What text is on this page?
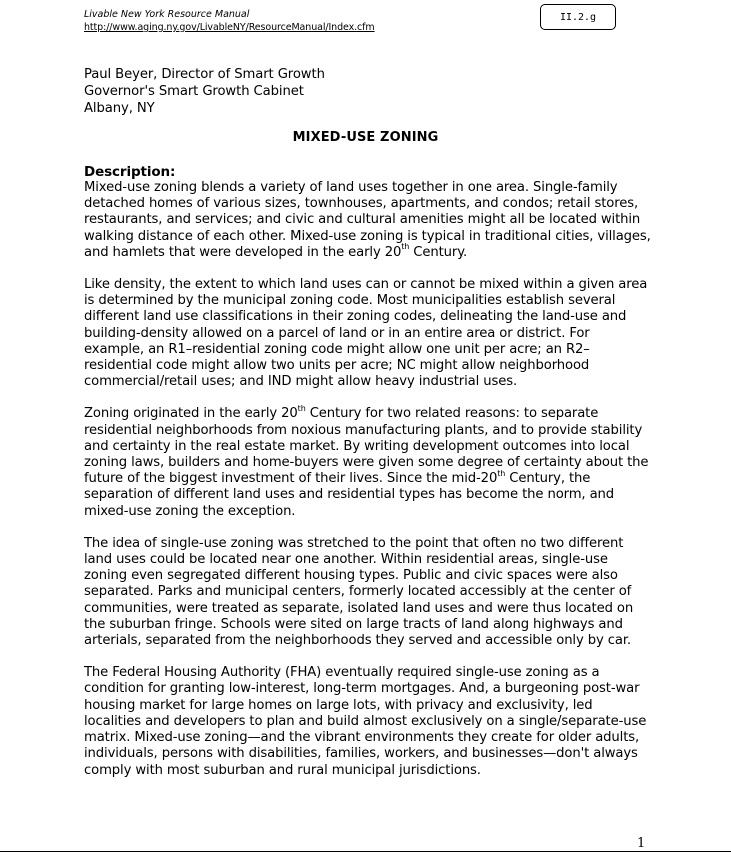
Livable New York Resource Manual
http://www.aging.ny.gov/LivableNY/ResourceManual/Index.cfm
II.2.g
Paul Beyer, Director of Smart Growth
Governor's Smart Growth Cabinet
Albany, NY
MIXED-USE ZONING
Description:

Mixed-use zoning blends a variety of land uses together in one area. Single-family detached homes of various sizes, townhouses, apartments, and condos; retail stores, restaurants, and services; and civic and cultural amenities might all be located within walking distance of each other. Mixed-use zoning is typical in traditional cities, villages, and hamlets that were developed in the early 20th Century.

Like density, the extent to which land uses can or cannot be mixed within a given area is determined by the municipal zoning code. Most municipalities establish several different land use classifications in their zoning codes, delineating the land-use and building-density allowed on a parcel of land or in an entire area or district. For example, an R1–residential zoning code might allow one unit per acre; an R2–residential code might allow two units per acre; NC might allow neighborhood commercial/retail uses; and IND might allow heavy industrial uses.

Zoning originated in the early 20th Century for two related reasons: to separate residential neighborhoods from noxious manufacturing plants, and to provide stability and certainty in the real estate market. By writing development outcomes into local zoning laws, builders and home-buyers were given some degree of certainty about the future of the biggest investment of their lives. Since the mid-20th Century, the separation of different land uses and residential types has become the norm, and mixed-use zoning the exception.

The idea of single-use zoning was stretched to the point that often no two different land uses could be located near one another. Within residential areas, single-use zoning even segregated different housing types. Public and civic spaces were also separated. Parks and municipal centers, formerly located accessibly at the center of communities, were treated as separate, isolated land uses and were thus located on the suburban fringe. Schools were sited on large tracts of land along highways and arterials, separated from the neighborhoods they served and accessible only by car.

The Federal Housing Authority (FHA) eventually required single-use zoning as a condition for granting low-interest, long-term mortgages. And, a burgeoning post-war housing market for large homes on large lots, with privacy and exclusivity, led localities and developers to plan and build almost exclusively on a single/separate-use matrix. Mixed-use zoning—and the vibrant environments they create for older adults, individuals, persons with disabilities, families, workers, and businesses—don't always comply with most suburban and rural municipal jurisdictions.

1
